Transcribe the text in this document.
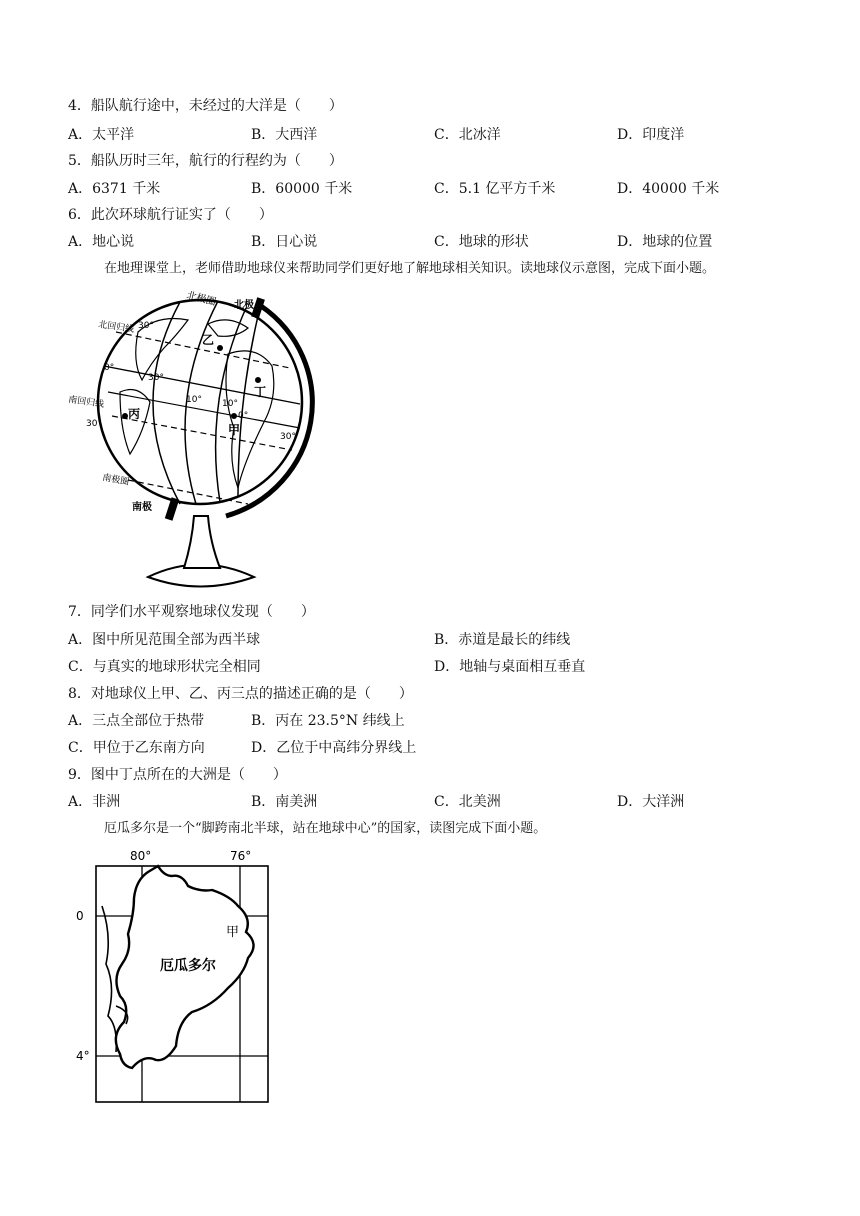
4．船队航行途中，未经过的大洋是（　　）
A．太平洋	B．大西洋	C．北冰洋	D．印度洋
5．船队历时三年，航行的行程约为（　　）
A．6371 千米	B．60000 千米	C．5.1 亿平方千米	D．40000 千米
6．此次环球航行证实了（　　）
A．地心说	B．日心说	C．地球的形状	D．地球的位置
在地理课堂上，老师借助地球仪来帮助同学们更好地了解地球相关知识。读地球仪示意图，完成下面小题。
北极圈 北极
30°
北回归线
0°
30°
南回归线
30°
10°
10°
0°
30°
南极圈
南极
乙
丁
丙
甲
7．同学们水平观察地球仪发现（　　）
A．图中所见范围全部为西半球	B．赤道是最长的纬线
C．与真实的地球形状完全相同	D．地轴与桌面相互垂直
8．对地球仪上甲、乙、丙三点的描述正确的是（　　）
A．三点全部位于热带	B．丙在 23.5°N 纬线上
C．甲位于乙东南方向	D．乙位于中高纬分界线上
9．图中丁点所在的大洲是（　　）
A．非洲	B．南美洲	C．北美洲	D．大洋洲
厄瓜多尔是一个“脚跨南北半球，站在地球中心”的国家，读图完成下面小题。
80°	76°
0
4°
厄瓜多尔
甲
